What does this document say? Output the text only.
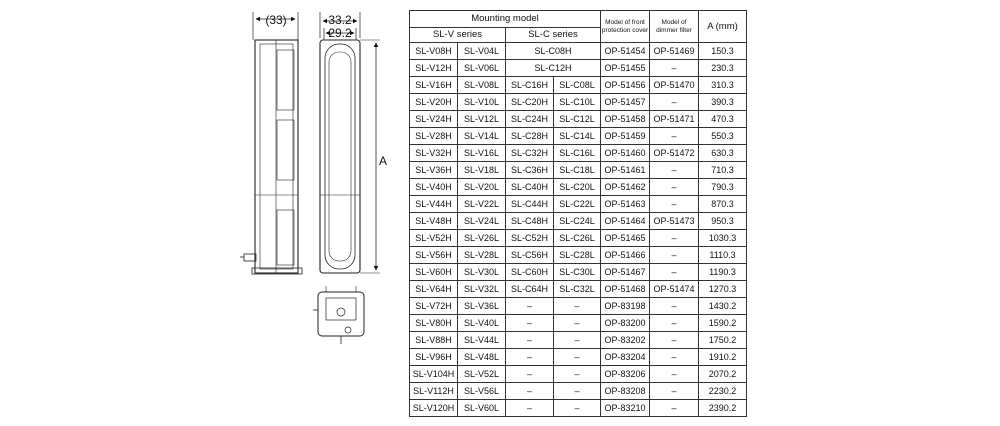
(33)	33.2
29.2
A
Mounting model				Model of front protection cover	Model of dimmer filter	A (mm)
SL-V series		SL-C series				
SL-V08H	SL-V04L	SL-C08H		OP-51454	OP-51469	150.3
SL-V12H	SL-V06L	SL-C12H		OP-51455	–	230.3
SL-V16H	SL-V08L	SL-C16H	SL-C08L	OP-51456	OP-51470	310.3
SL-V20H	SL-V10L	SL-C20H	SL-C10L	OP-51457	–	390.3
SL-V24H	SL-V12L	SL-C24H	SL-C12L	OP-51458	OP-51471	470.3
SL-V28H	SL-V14L	SL-C28H	SL-C14L	OP-51459	–	550.3
SL-V32H	SL-V16L	SL-C32H	SL-C16L	OP-51460	OP-51472	630.3
SL-V36H	SL-V18L	SL-C36H	SL-C18L	OP-51461	–	710.3
SL-V40H	SL-V20L	SL-C40H	SL-C20L	OP-51462	–	790.3
SL-V44H	SL-V22L	SL-C44H	SL-C22L	OP-51463	–	870.3
SL-V48H	SL-V24L	SL-C48H	SL-C24L	OP-51464	OP-51473	950.3
SL-V52H	SL-V26L	SL-C52H	SL-C26L	OP-51465	–	1030.3
SL-V56H	SL-V28L	SL-C56H	SL-C28L	OP-51466	–	1110.3
SL-V60H	SL-V30L	SL-C60H	SL-C30L	OP-51467	–	1190.3
SL-V64H	SL-V32L	SL-C64H	SL-C32L	OP-51468	OP-51474	1270.3
SL-V72H	SL-V36L	–	–	OP-83198	–	1430.2
SL-V80H	SL-V40L	–	–	OP-83200	–	1590.2
SL-V88H	SL-V44L	–	–	OP-83202	–	1750.2
SL-V96H	SL-V48L	–	–	OP-83204	–	1910.2
SL-V104H	SL-V52L	–	–	OP-83206	–	2070.2
SL-V112H	SL-V56L	–	–	OP-83208	–	2230.2
SL-V120H	SL-V60L	–	–	OP-83210	–	2390.2
